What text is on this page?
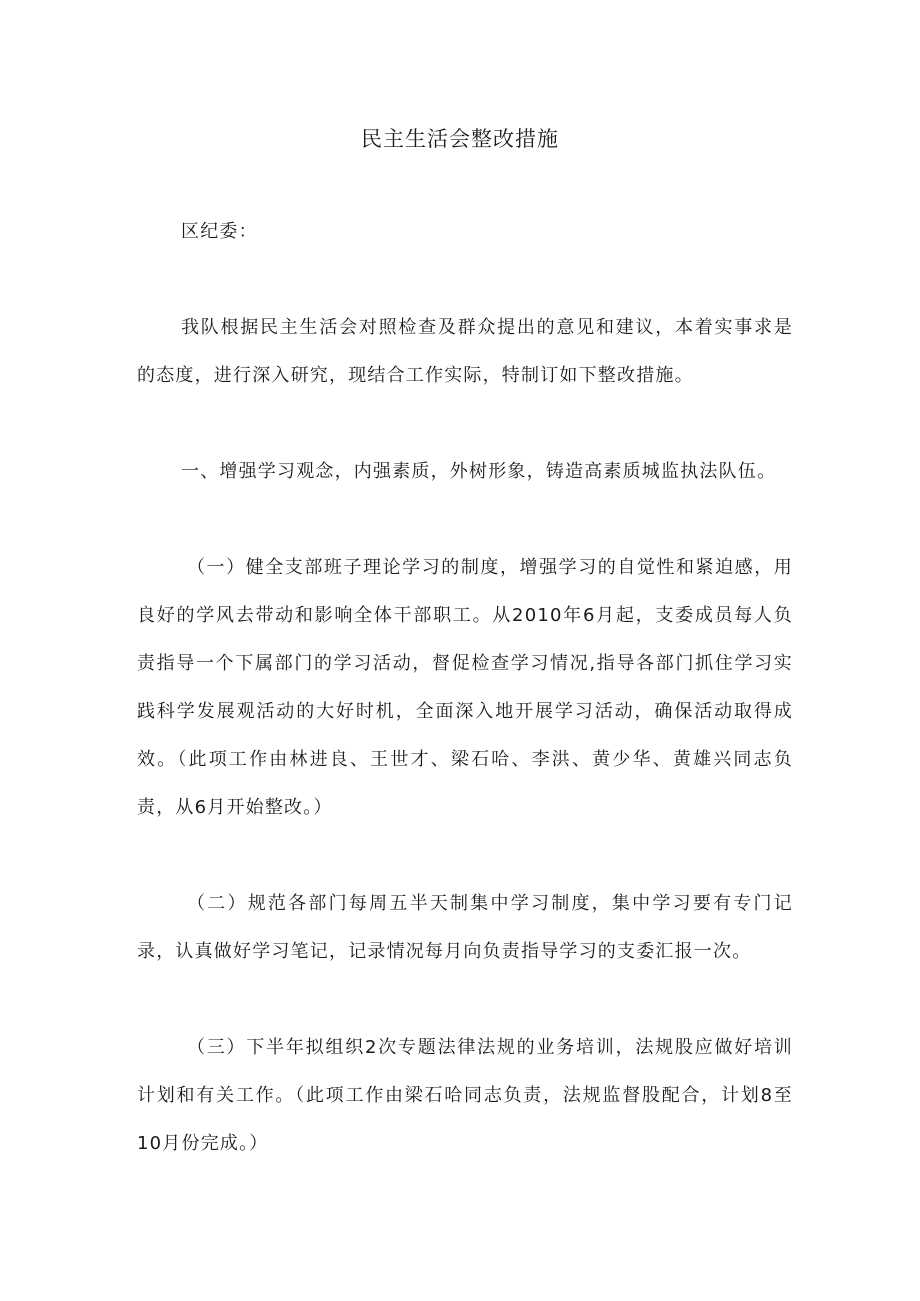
民主生活会整改措施

区纪委：

我队根据民主生活会对照检查及群众提出的意见和建议，本着实事求是的态度，进行深入研究，现结合工作实际，特制订如下整改措施。

一、增强学习观念，内强素质，外树形象，铸造高素质城监执法队伍。

（一）健全支部班子理论学习的制度，增强学习的自觉性和紧迫感，用良好的学风去带动和影响全体干部职工。从2010年6月起，支委成员每人负责指导一个下属部门的学习活动，督促检查学习情况,指导各部门抓住学习实践科学发展观活动的大好时机，全面深入地开展学习活动，确保活动取得成效。（此项工作由林进良、王世才、梁石哈、李洪、黄少华、黄雄兴同志负责，从6月开始整改。）

（二）规范各部门每周五半天制集中学习制度，集中学习要有专门记录，认真做好学习笔记，记录情况每月向负责指导学习的支委汇报一次。

（三）下半年拟组织2次专题法律法规的业务培训，法规股应做好培训计划和有关工作。（此项工作由梁石哈同志负责，法规监督股配合，计划8至10月份完成。）
